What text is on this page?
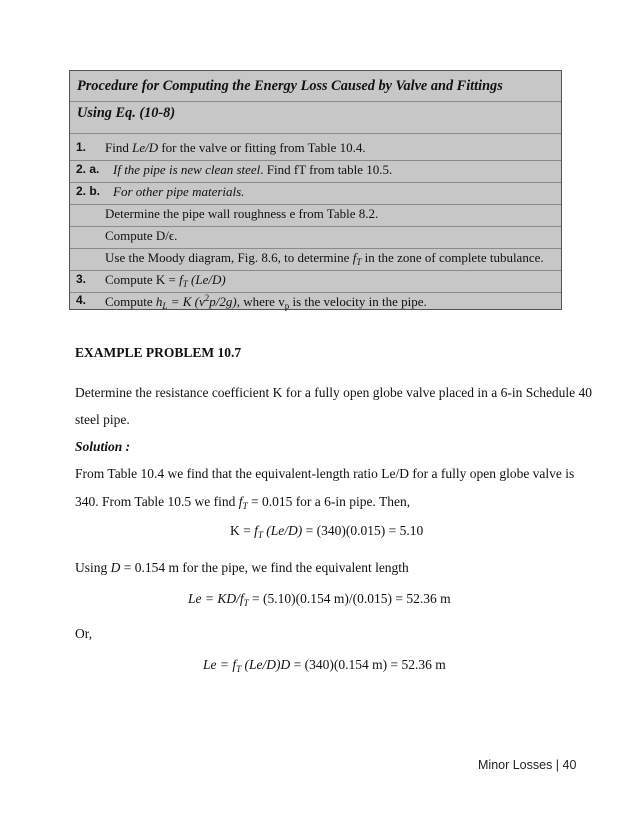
Procedure for Computing the Energy Loss Caused by Valve and Fittings
Using Eq. (10-8)
1. Find Le/D for the valve or fitting from Table 10.4.
2. a. If the pipe is new clean steel. Find fT from table 10.5.
2. b. For other pipe materials.
Determine the pipe wall roughness e from Table 8.2.
Compute D/ϵ.
Use the Moody diagram, Fig. 8.6, to determine $f_T$ in the zone of complete tubulance.
3. Compute $K = f_T$ (Le/D)
4. Compute $h_L = K$ $(v^2p/2g)$, where $v_p$ is the velocity in the pipe.
EXAMPLE PROBLEM 10.7
Determine the resistance coefficient K for a fully open globe valve placed in a 6-in Schedule 40
steel pipe.
Solution :
From Table 10.4 we find that the equivalent-length ratio Le/D for a fully open globe valve is
340. From Table 10.5 we find $f_T = 0.015$ for a 6-in pipe. Then,
$K = f_T$ (Le/D) = (340)(0.015) = 5.10
Using D = 0.154 m for the pipe, we find the equivalent length
$Le = KD/f_T = (5.10)(0.154$ m)/(0.015) = 52.36 m
Or,
$Le = f_T$ (Le/D)D = (340)(0.154 m) = 52.36 m
Minor Losses | 40
